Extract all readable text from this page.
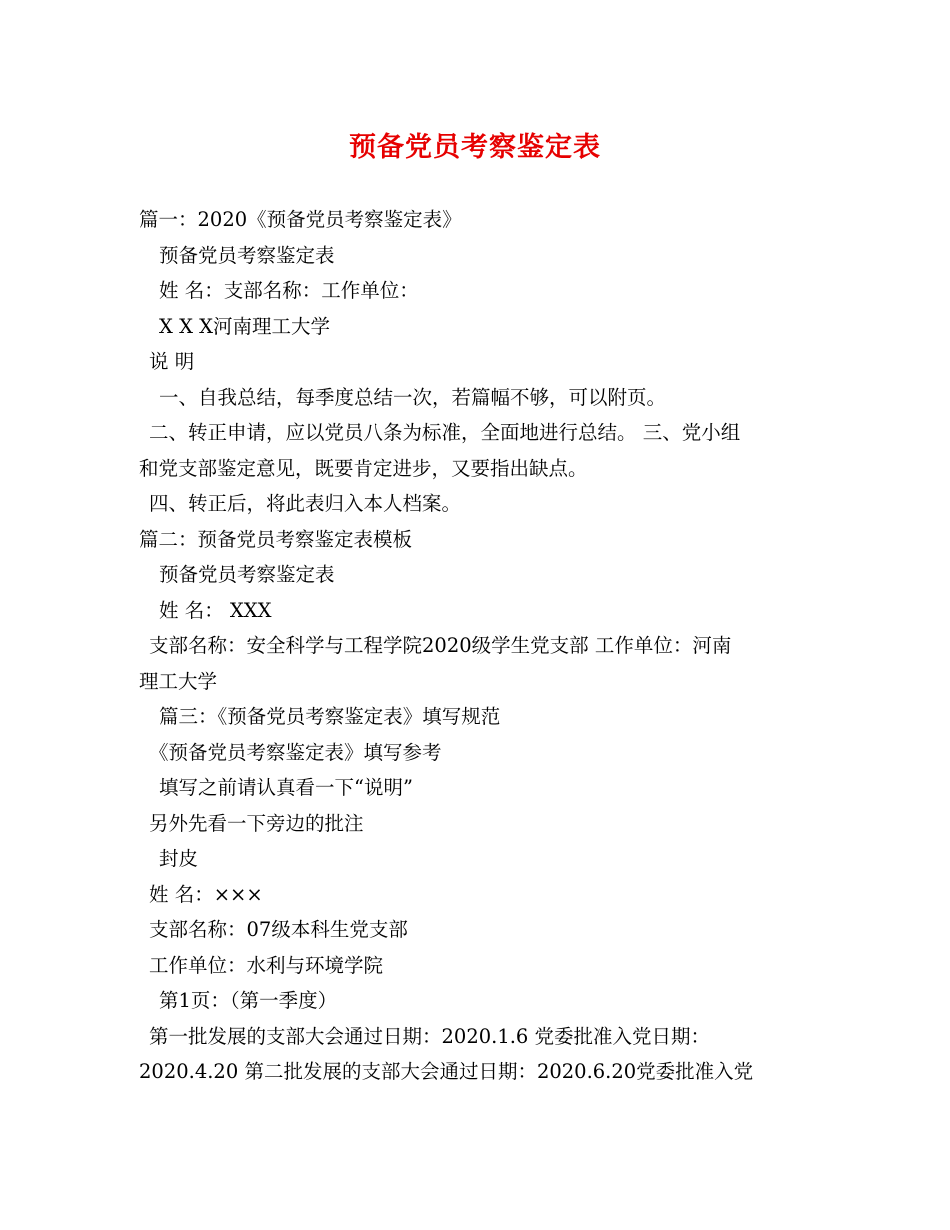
预备党员考察鉴定表
篇一：2020《预备党员考察鉴定表》
预备党员考察鉴定表
姓 名：支部名称：工作单位：
X X X河南理工大学
说 明
一、自我总结，每季度总结一次，若篇幅不够，可以附页。
二、转正申请，应以党员八条为标准，全面地进行总结。 三、党小组
和党支部鉴定意见，既要肯定进步，又要指出缺点。
四、转正后，将此表归入本人档案。
篇二：预备党员考察鉴定表模板
预备党员考察鉴定表
姓 名： XXX
支部名称：安全科学与工程学院2020级学生党支部 工作单位：河南
理工大学
篇三：《预备党员考察鉴定表》填写规范
《预备党员考察鉴定表》填写参考
填写之前请认真看一下“说明”
另外先看一下旁边的批注
封皮
姓 名：×××
支部名称：07级本科生党支部
工作单位：水利与环境学院
第1页：（第一季度）
第一批发展的支部大会通过日期：2020.1.6 党委批准入党日期：
2020.4.20 第二批发展的支部大会通过日期：2020.6.20党委批准入党
